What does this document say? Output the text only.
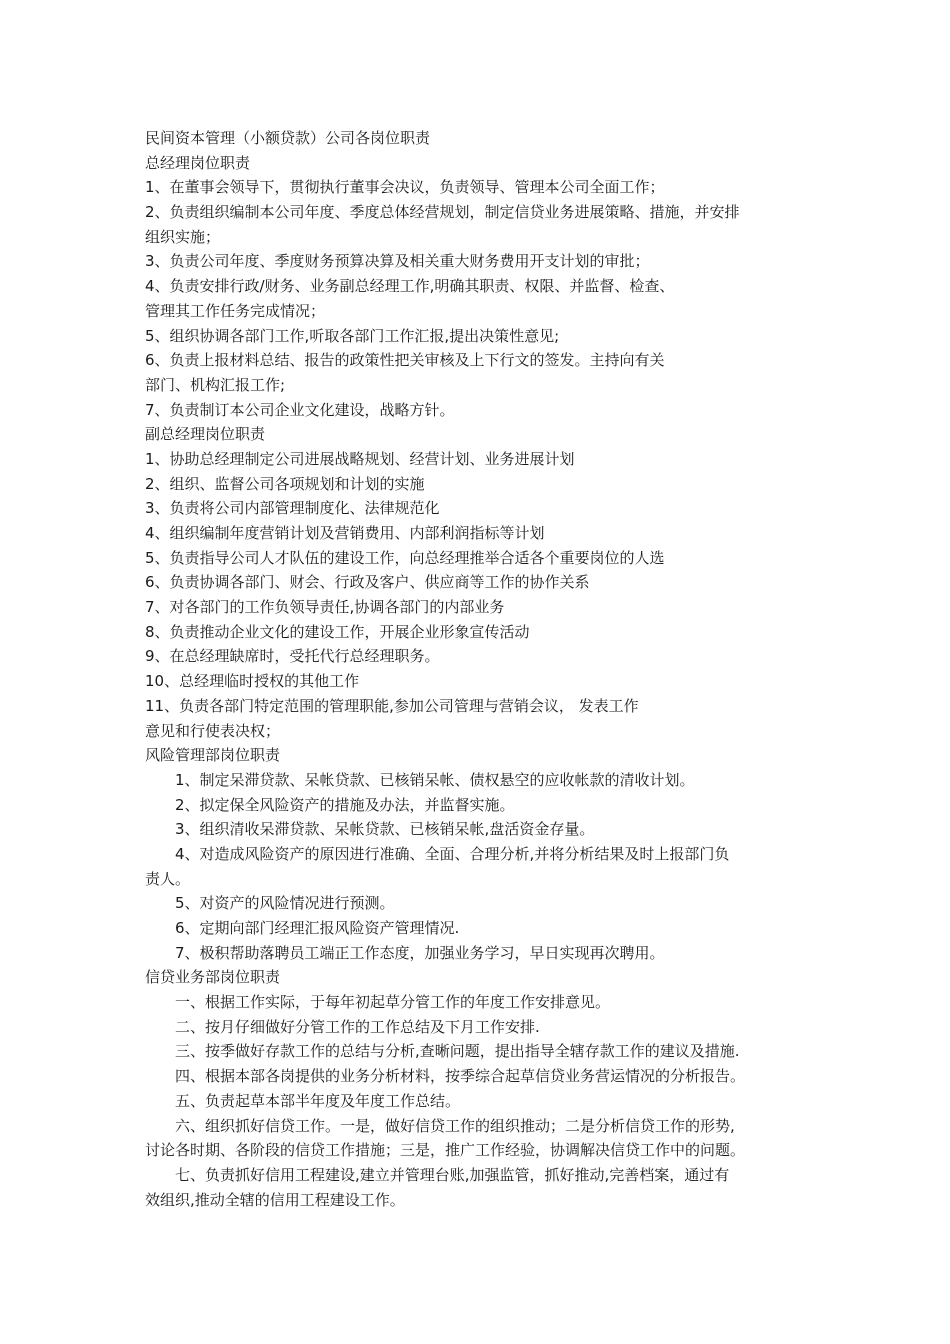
民间资本管理（小额贷款）公司各岗位职责
总经理岗位职责
1、在董事会领导下，贯彻执行董事会决议，负责领导、管理本公司全面工作；
2、负责组织编制本公司年度、季度总体经营规划，制定信贷业务进展策略、措施，并安排
组织实施；
3、负责公司年度、季度财务预算决算及相关重大财务费用开支计划的审批；
4、负责安排行政/财务、业务副总经理工作,明确其职责、权限、并监督、检查、
管理其工作任务完成情况；
5、组织协调各部门工作,听取各部门工作汇报,提出决策性意见;
6、负责上报材料总结、报告的政策性把关审核及上下行文的签发。主持向有关
部门、机构汇报工作;
7、负责制订本公司企业文化建设，战略方针。
副总经理岗位职责
1、协助总经理制定公司进展战略规划、经营计划、业务进展计划
2、组织、监督公司各项规划和计划的实施
3、负责将公司内部管理制度化、法律规范化
4、组织编制年度营销计划及营销费用、内部利润指标等计划
5、负责指导公司人才队伍的建设工作，向总经理推举合适各个重要岗位的人选
6、负责协调各部门、财会、行政及客户、供应商等工作的协作关系
7、对各部门的工作负领导责任,协调各部门的内部业务
8、负责推动企业文化的建设工作，开展企业形象宣传活动
9、在总经理缺席时，受托代行总经理职务。
10、总经理临时授权的其他工作
11、负责各部门特定范围的管理职能,参加公司管理与营销会议， 发表工作
意见和行使表决权；
风险管理部岗位职责
1、制定呆滞贷款、呆帐贷款、已核销呆帐、债权悬空的应收帐款的清收计划。
2、拟定保全风险资产的措施及办法，并监督实施。
3、组织清收呆滞贷款、呆帐贷款、已核销呆帐,盘活资金存量。
4、对造成风险资产的原因进行准确、全面、合理分析,并将分析结果及时上报部门负
责人。
5、对资产的风险情况进行预测。
6、定期向部门经理汇报风险资产管理情况.
7、极积帮助落聘员工端正工作态度，加强业务学习，早日实现再次聘用。
信贷业务部岗位职责
一、根据工作实际，于每年初起草分管工作的年度工作安排意见。
二、按月仔细做好分管工作的工作总结及下月工作安排.
三、按季做好存款工作的总结与分析,查晰问题，提出指导全辖存款工作的建议及措施.
四、根据本部各岗提供的业务分析材料，按季综合起草信贷业务营运情况的分析报告。
五、负责起草本部半年度及年度工作总结。
六、组织抓好信贷工作。一是，做好信贷工作的组织推动；二是分析信贷工作的形势,
讨论各时期、各阶段的信贷工作措施；三是，推广工作经验，协调解决信贷工作中的问题。
七、负责抓好信用工程建设,建立并管理台账,加强监管，抓好推动,完善档案，通过有
效组织,推动全辖的信用工程建设工作。
